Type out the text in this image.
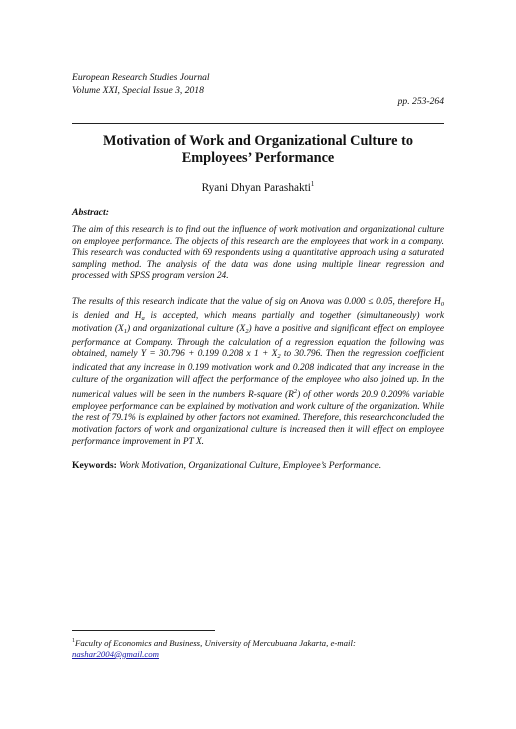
European Research Studies Journal
Volume XXI, Special Issue 3, 2018
pp. 253-264
Motivation of Work and Organizational Culture to
Employees’ Performance
Ryani Dhyan Parashakti$^1$
Abstract:
The aim of this research is to find out the influence of work motivation and organizational culture on employee performance. The objects of this research are the employees that work in a company. This research was conducted with 69 respondents using a quantitative approach using a saturated sampling method. The analysis of the data was done using multiple linear regression and processed with SPSS program version 24.
The results of this research indicate that the value of sig on Anova was 0.000 ≤ 0.05, therefore $H_0$ is denied and $H_a$ is accepted, which means partially and together (simultaneously) work motivation $(X_1)$ and organizational culture $(X_2)$ have a positive and significant effect on employee performance at Company. Through the calculation of a regression equation the following was obtained, namely Y = 30.796 + 0.199 0.208 x $1 + X_2$ to 30.796. Then the regression coefficient indicated that any increase in 0.199 motivation work and 0.208 indicated that any increase in the culture of the organization will affect the performance of the employee who also joined up. In the numerical values will be seen in the numbers R-square $(R^2)$ of other words 20.9 0.209% variable employee performance can be explained by motivation and work culture of the organization. While the rest of 79.1% is explained by other factors not examined. Therefore, this researchconcluded the motivation factors of work and organizational culture is increased then it will effect on employee performance improvement in PT X.
Keywords: Work Motivation, Organizational Culture, Employee’s Performance.
$^1$Faculty of Economics and Business, University of Mercubuana Jakarta, e-mail:
nashar2004@gmail.com
